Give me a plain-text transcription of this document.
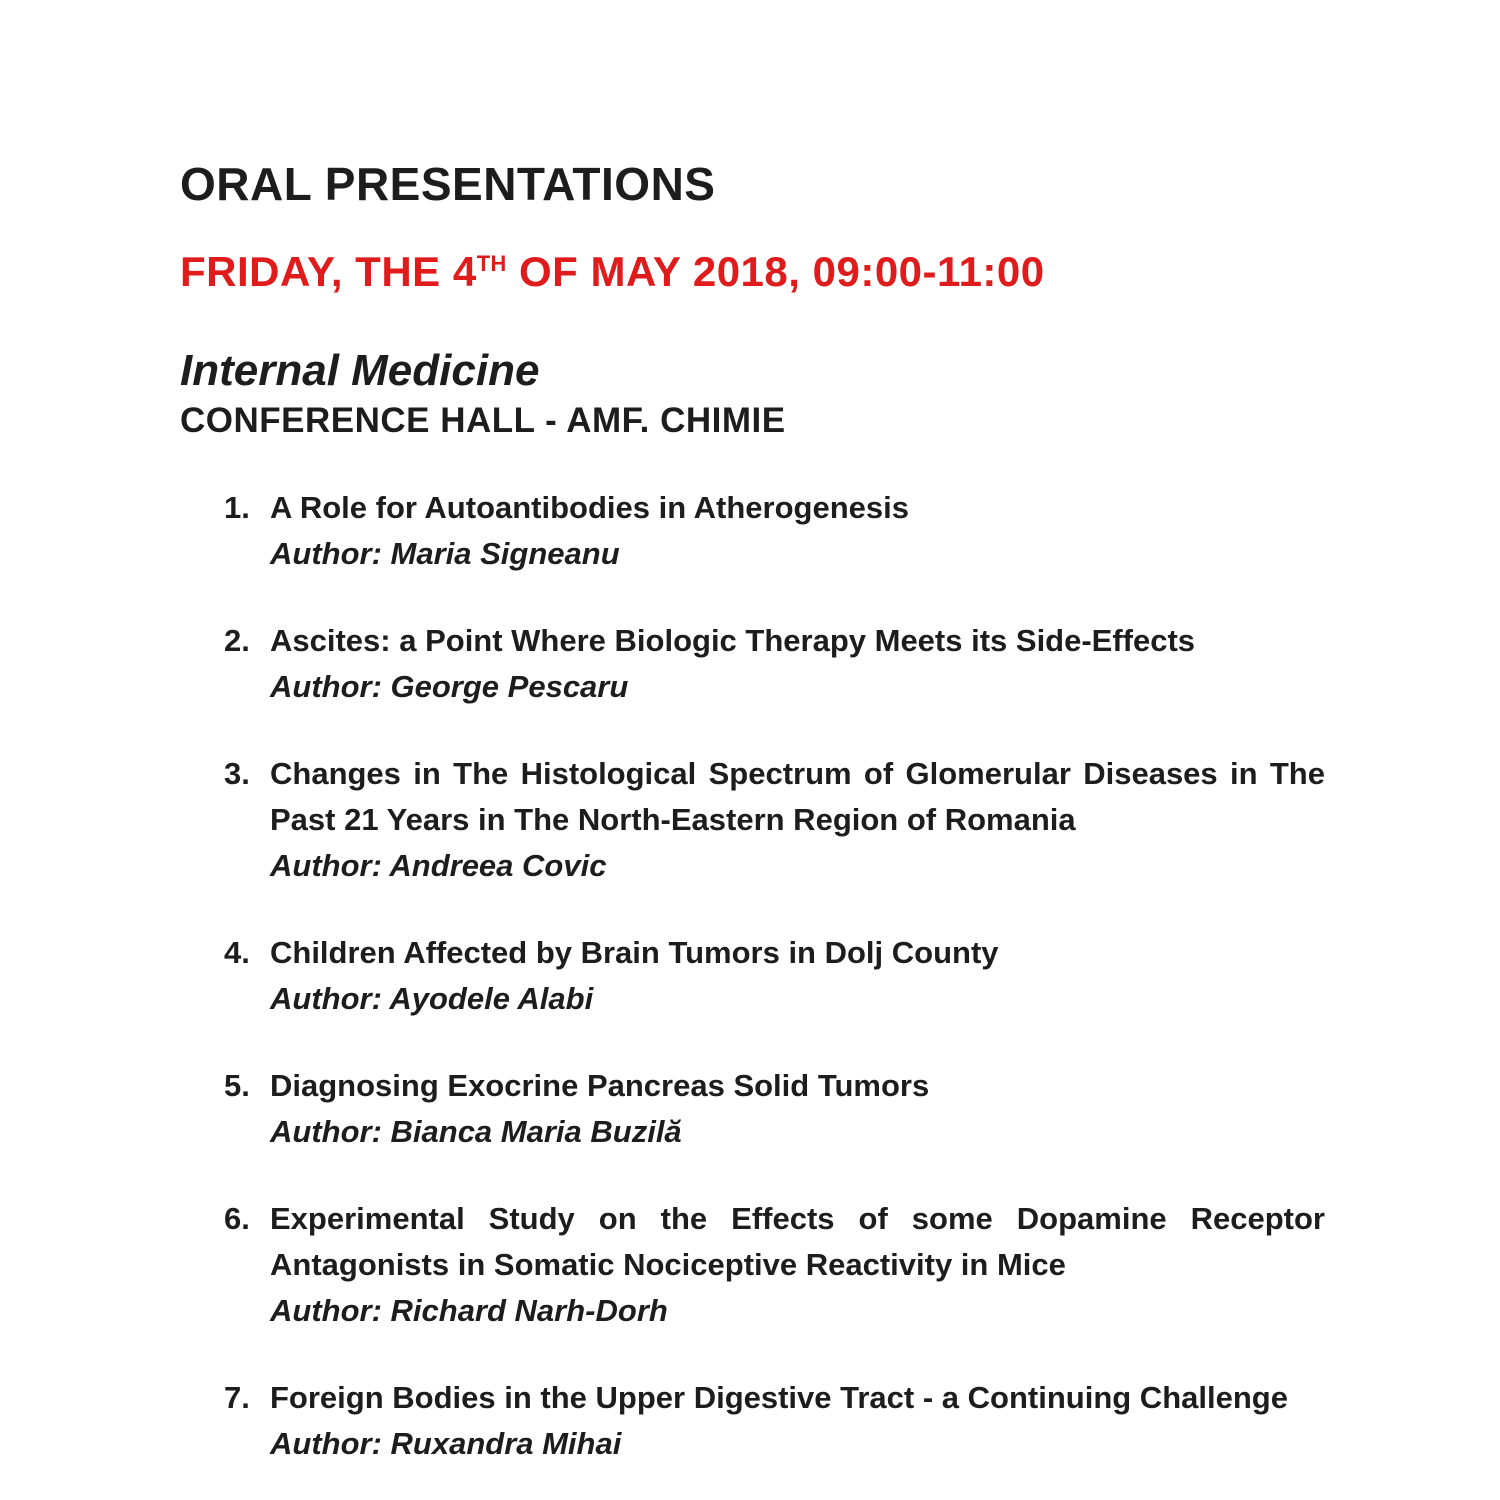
ORAL PRESENTATIONS
FRIDAY, THE 4TH OF MAY 2018, 09:00-11:00
Internal Medicine
CONFERENCE HALL - AMF. CHIMIE
1. A Role for Autoantibodies in Atherogenesis
Author: Maria Signeanu
2. Ascites: a Point Where Biologic Therapy Meets its Side-Effects
Author: George Pescaru
3. Changes in The Histological Spectrum of Glomerular Diseases in The Past 21 Years in The North-Eastern Region of Romania
Author: Andreea Covic
4. Children Affected by Brain Tumors in Dolj County
Author: Ayodele Alabi
5. Diagnosing Exocrine Pancreas Solid Tumors
Author: Bianca Maria Buzilă
6. Experimental Study on the Effects of some Dopamine Receptor Antagonists in Somatic Nociceptive Reactivity in Mice
Author: Richard Narh-Dorh
7. Foreign Bodies in the Upper Digestive Tract - a Continuing Challenge
Author: Ruxandra Mihai
